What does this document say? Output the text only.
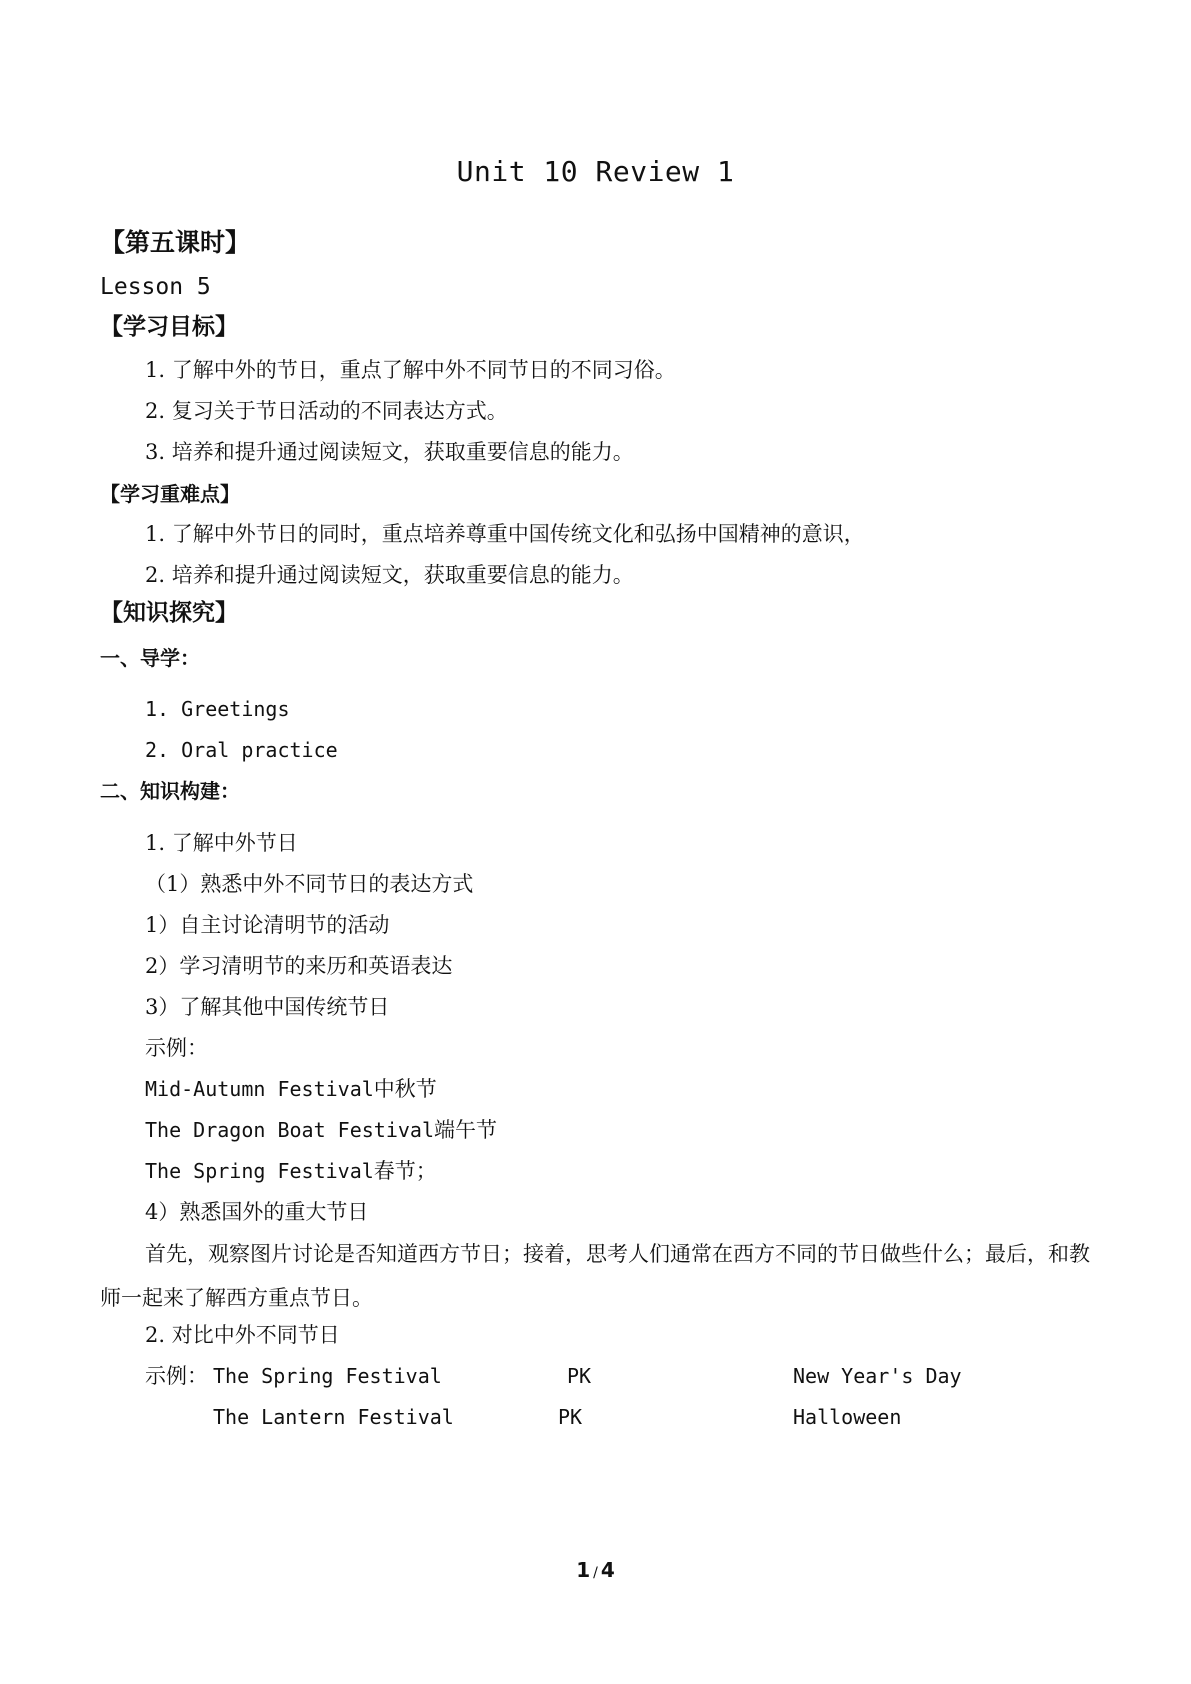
Unit 10 Review 1
【第五课时】
Lesson 5
【学习目标】
1. 了解中外的节日，重点了解中外不同节日的不同习俗。
2. 复习关于节日活动的不同表达方式。
3. 培养和提升通过阅读短文，获取重要信息的能力。
【学习重难点】
1. 了解中外节日的同时，重点培养尊重中国传统文化和弘扬中国精神的意识，
2. 培养和提升通过阅读短文，获取重要信息的能力。
【知识探究】
一、导学：
1. Greetings
2. Oral practice
二、知识构建：
1. 了解中外节日
（1）熟悉中外不同节日的表达方式
1）自主讨论清明节的活动
2）学习清明节的来历和英语表达
3）了解其他中国传统节日
示例：
Mid-Autumn Festival中秋节
The Dragon Boat Festival端午节
The Spring Festival春节；
4）熟悉国外的重大节日
首先，观察图片讨论是否知道西方节日；接着，思考人们通常在西方不同的节日做些什么；最后，和教师一起来了解西方重点节日。
2. 对比中外不同节日
示例： The Spring Festival	PK	New Year's Day
The Lantern Festival	PK	Halloween
1 / 4
